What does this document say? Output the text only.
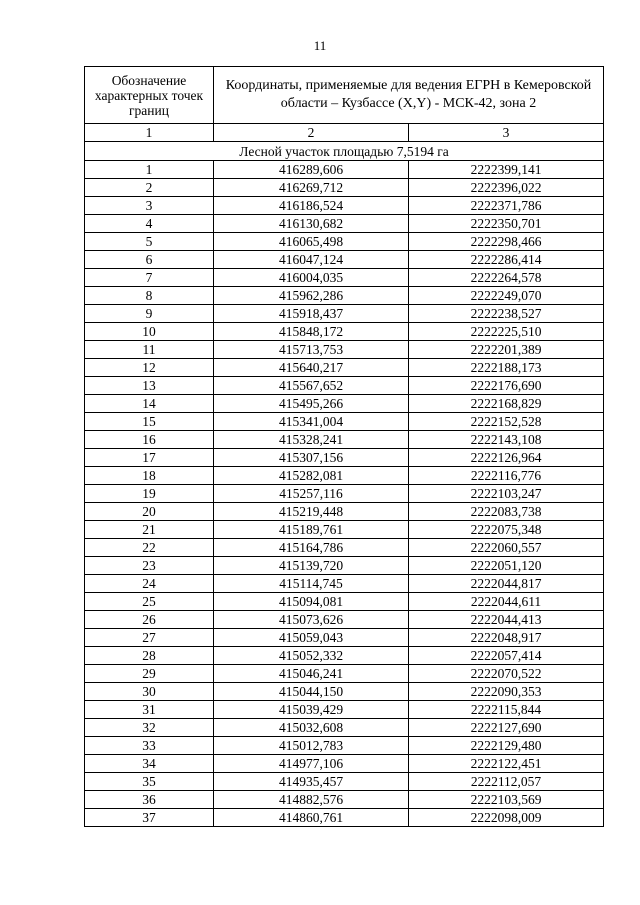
11
Обозначение характерных точек границ	Координаты, применяемые для ведения ЕГРН в Кемеровской области – Кузбассе (X,Y) - МСК-42, зона 2	
1	2	3
Лесной участок площадью 7,5194 га		
1	416289,606	2222399,141
2	416269,712	2222396,022
3	416186,524	2222371,786
4	416130,682	2222350,701
5	416065,498	2222298,466
6	416047,124	2222286,414
7	416004,035	2222264,578
8	415962,286	2222249,070
9	415918,437	2222238,527
10	415848,172	2222225,510
11	415713,753	2222201,389
12	415640,217	2222188,173
13	415567,652	2222176,690
14	415495,266	2222168,829
15	415341,004	2222152,528
16	415328,241	2222143,108
17	415307,156	2222126,964
18	415282,081	2222116,776
19	415257,116	2222103,247
20	415219,448	2222083,738
21	415189,761	2222075,348
22	415164,786	2222060,557
23	415139,720	2222051,120
24	415114,745	2222044,817
25	415094,081	2222044,611
26	415073,626	2222044,413
27	415059,043	2222048,917
28	415052,332	2222057,414
29	415046,241	2222070,522
30	415044,150	2222090,353
31	415039,429	2222115,844
32	415032,608	2222127,690
33	415012,783	2222129,480
34	414977,106	2222122,451
35	414935,457	2222112,057
36	414882,576	2222103,569
37	414860,761	2222098,009
